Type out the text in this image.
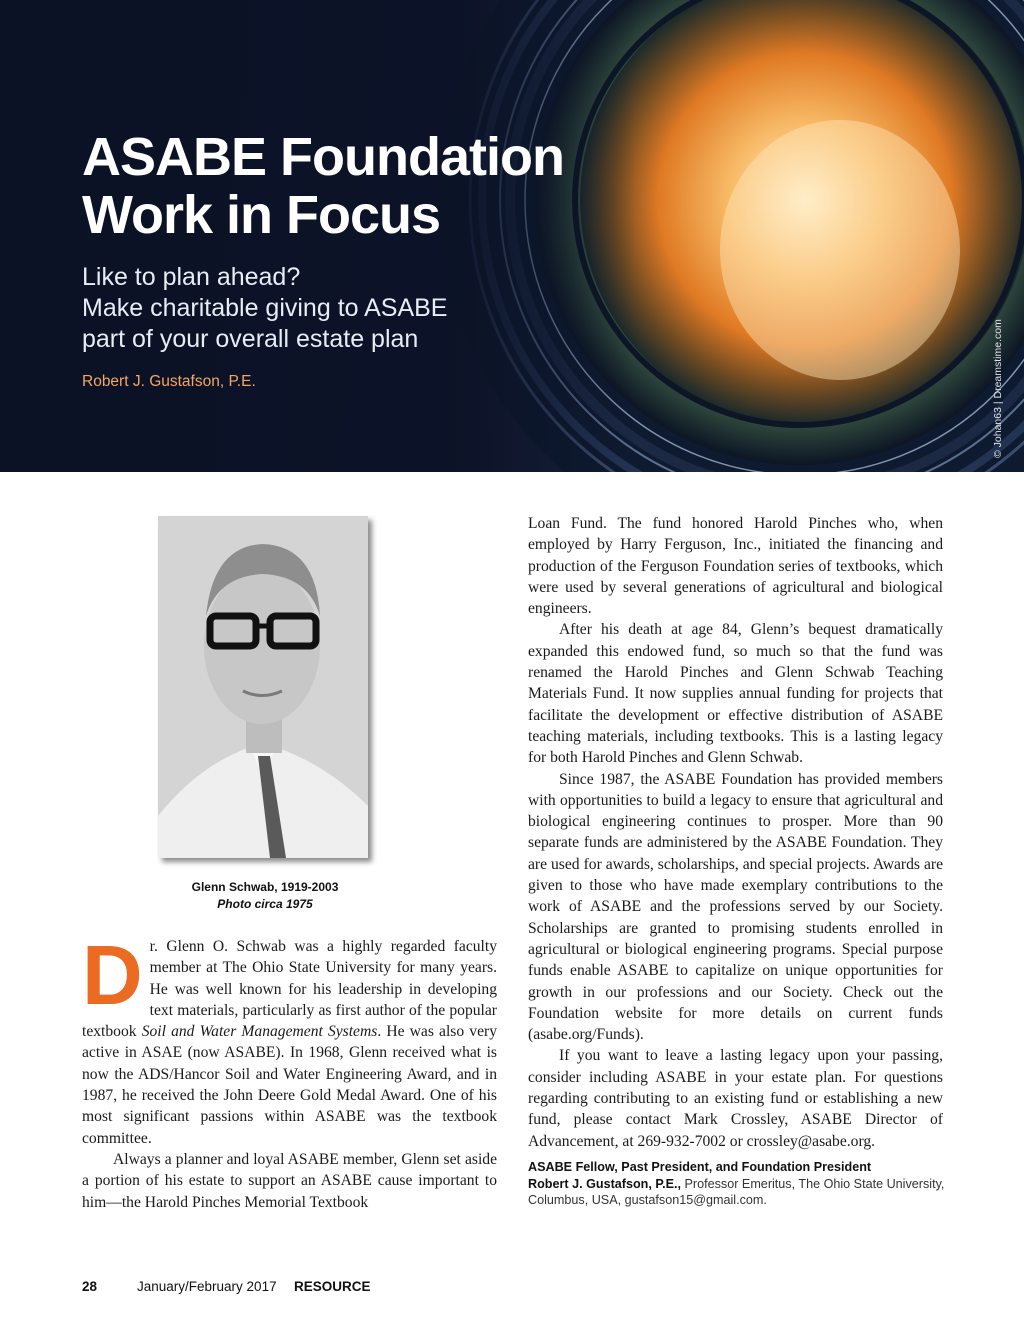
ASABE Foundation
Work in Focus
Like to plan ahead?
Make charitable giving to ASABE
part of your overall estate plan
Robert J. Gustafson, P.E.	© Johan63 | Dreamstime.com
Glenn Schwab, 1919-2003
Photo circa 1975

Dr. Glenn O. Schwab was a highly regarded faculty member at The Ohio State University for many years. He was well known for his leadership in developing text materials, particularly as first author of the popular textbook Soil and Water Management Systems. He was also very active in ASAE (now ASABE). In 1968, Glenn received what is now the ADS/Hancor Soil and Water Engineering Award, and in 1987, he received the John Deere Gold Medal Award. One of his most significant passions within ASABE was the textbook committee.

Always a planner and loyal ASABE member, Glenn set aside a portion of his estate to support an ASABE cause important to him—the Harold Pinches Memorial Textbook

Loan Fund. The fund honored Harold Pinches who, when employed by Harry Ferguson, Inc., initiated the financing and production of the Ferguson Foundation series of textbooks, which were used by several generations of agricultural and biological engineers.

After his death at age 84, Glenn’s bequest dramatically expanded this endowed fund, so much so that the fund was renamed the Harold Pinches and Glenn Schwab Teaching Materials Fund. It now supplies annual funding for projects that facilitate the development or effective distribution of ASABE teaching materials, including textbooks. This is a lasting legacy for both Harold Pinches and Glenn Schwab.

Since 1987, the ASABE Foundation has provided members with opportunities to build a legacy to ensure that agricultural and biological engineering continues to prosper. More than 90 separate funds are administered by the ASABE Foundation. They are used for awards, scholarships, and special projects. Awards are given to those who have made exemplary contributions to the work of ASABE and the professions served by our Society. Scholarships are granted to promising students enrolled in agricultural or biological engineering programs. Special purpose funds enable ASABE to capitalize on unique opportunities for growth in our professions and our Society. Check out the Foundation website for more details on current funds (asabe.org/Funds).

If you want to leave a lasting legacy upon your passing, consider including ASABE in your estate plan. For questions regarding contributing to an existing fund or establishing a new fund, please contact Mark Crossley, ASABE Director of Advancement, at 269-932-7002 or crossley@asabe.org.

ASABE Fellow, Past President, and Foundation President
Robert J. Gustafson, P.E., Professor Emeritus, The Ohio State University, Columbus, USA, gustafson15@gmail.com.
28	January/February 2017 RESOURCE
